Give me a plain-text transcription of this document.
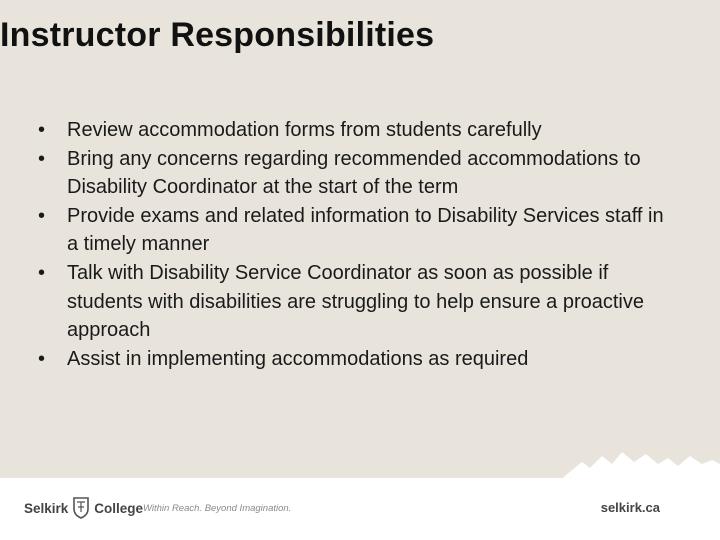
Instructor Responsibilities
• Review accommodation forms from students carefully
• Bring any concerns regarding recommended accommodations to Disability Coordinator at the start of the term
• Provide exams and related information to Disability Services staff in a timely manner
• Talk with Disability Service Coordinator as soon as possible if students with disabilities are struggling to help ensure a proactive approach
• Assist in implementing accommodations as required
Selkirk College Within Reach. Beyond Imagination.	selkirk.ca
